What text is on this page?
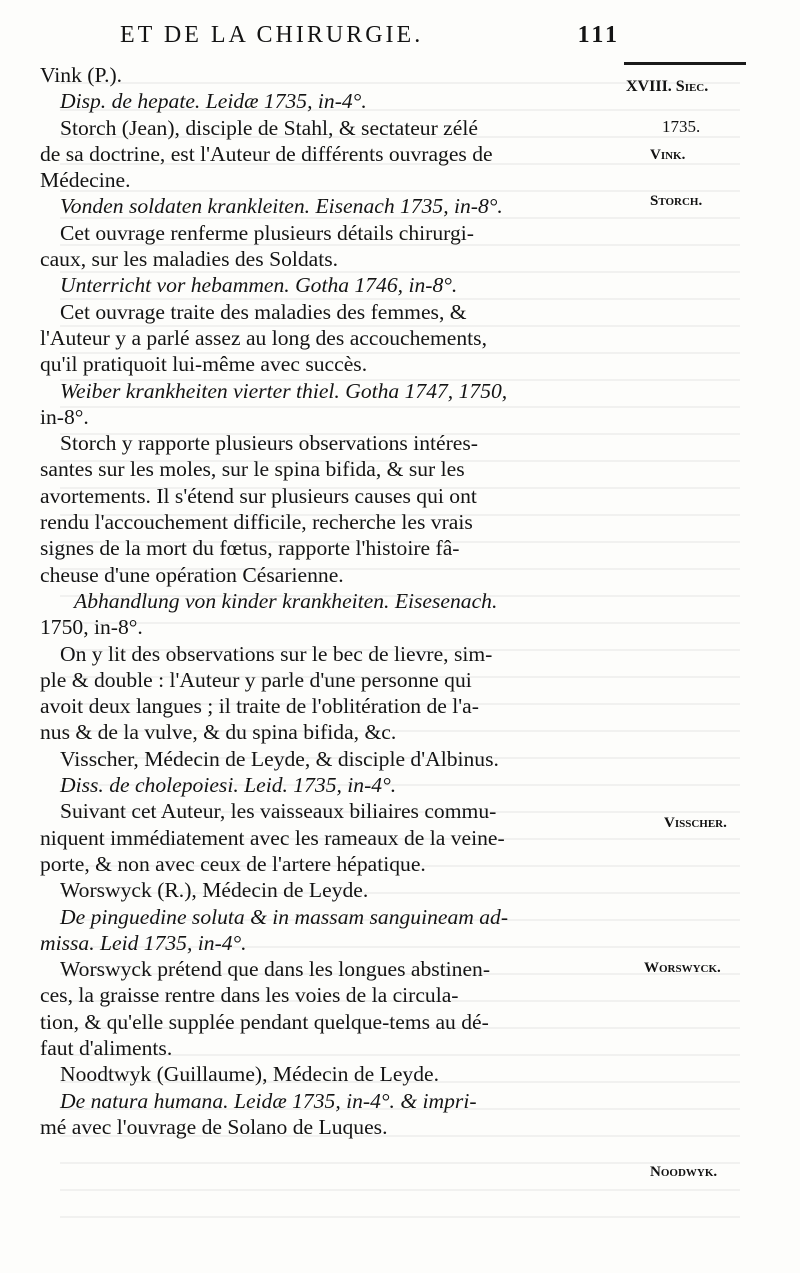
ET DE LA CHIRURGIE.	111
Vink (P.).
Disp. de hepate. Leidæ 1735, in-4°.
Storch (Jean), disciple de Stahl, & sectateur zélé
de sa doctrine, est l'Auteur de différents ouvrages de
Médecine.
Vonden soldaten krankleiten. Eisenach 1735, in-8°.
Cet ouvrage renferme plusieurs détails chirurgi-
caux, sur les maladies des Soldats.
Unterricht vor hebammen. Gotha 1746, in-8°.
Cet ouvrage traite des maladies des femmes, &
l'Auteur y a parlé assez au long des accouchements,
qu'il pratiquoit lui-même avec succès.
Weiber krankheiten vierter thiel. Gotha 1747, 1750,
in-8°.
Storch y rapporte plusieurs observations intéres-
santes sur les moles, sur le spina bifida, & sur les
avortements. Il s'étend sur plusieurs causes qui ont
rendu l'accouchement difficile, recherche les vrais
signes de la mort du fœtus, rapporte l'histoire fâ-
cheuse d'une opération Césarienne.
Abhandlung von kinder krankheiten. Eisesenach.
1750, in-8°.
On y lit des observations sur le bec de lievre, sim-
ple & double : l'Auteur y parle d'une personne qui
avoit deux langues ; il traite de l'oblitération de l'a-
nus & de la vulve, & du spina bifida, &c.
Visscher, Médecin de Leyde, & disciple d'Albinus.
Diss. de cholepoiesi. Leid. 1735, in-4°.
Suivant cet Auteur, les vaisseaux biliaires commu-
niquent immédiatement avec les rameaux de la veine-
porte, & non avec ceux de l'artere hépatique.
Worswyck (R.), Médecin de Leyde.
De pinguedine soluta & in massam sanguineam ad-
missa. Leid 1735, in-4°.
Worswyck prétend que dans les longues abstinen-
ces, la graisse rentre dans les voies de la circula-
tion, & qu'elle supplée pendant quelque-tems au dé-
faut d'aliments.
Noodtwyk (Guillaume), Médecin de Leyde.
De natura humana. Leidæ 1735, in-4°. & impri-
mé avec l'ouvrage de Solano de Luques.
XVIII. Siec.
1735.
Vink.
Storch.
Visscher.
Worswyck.
Noodwyk.
